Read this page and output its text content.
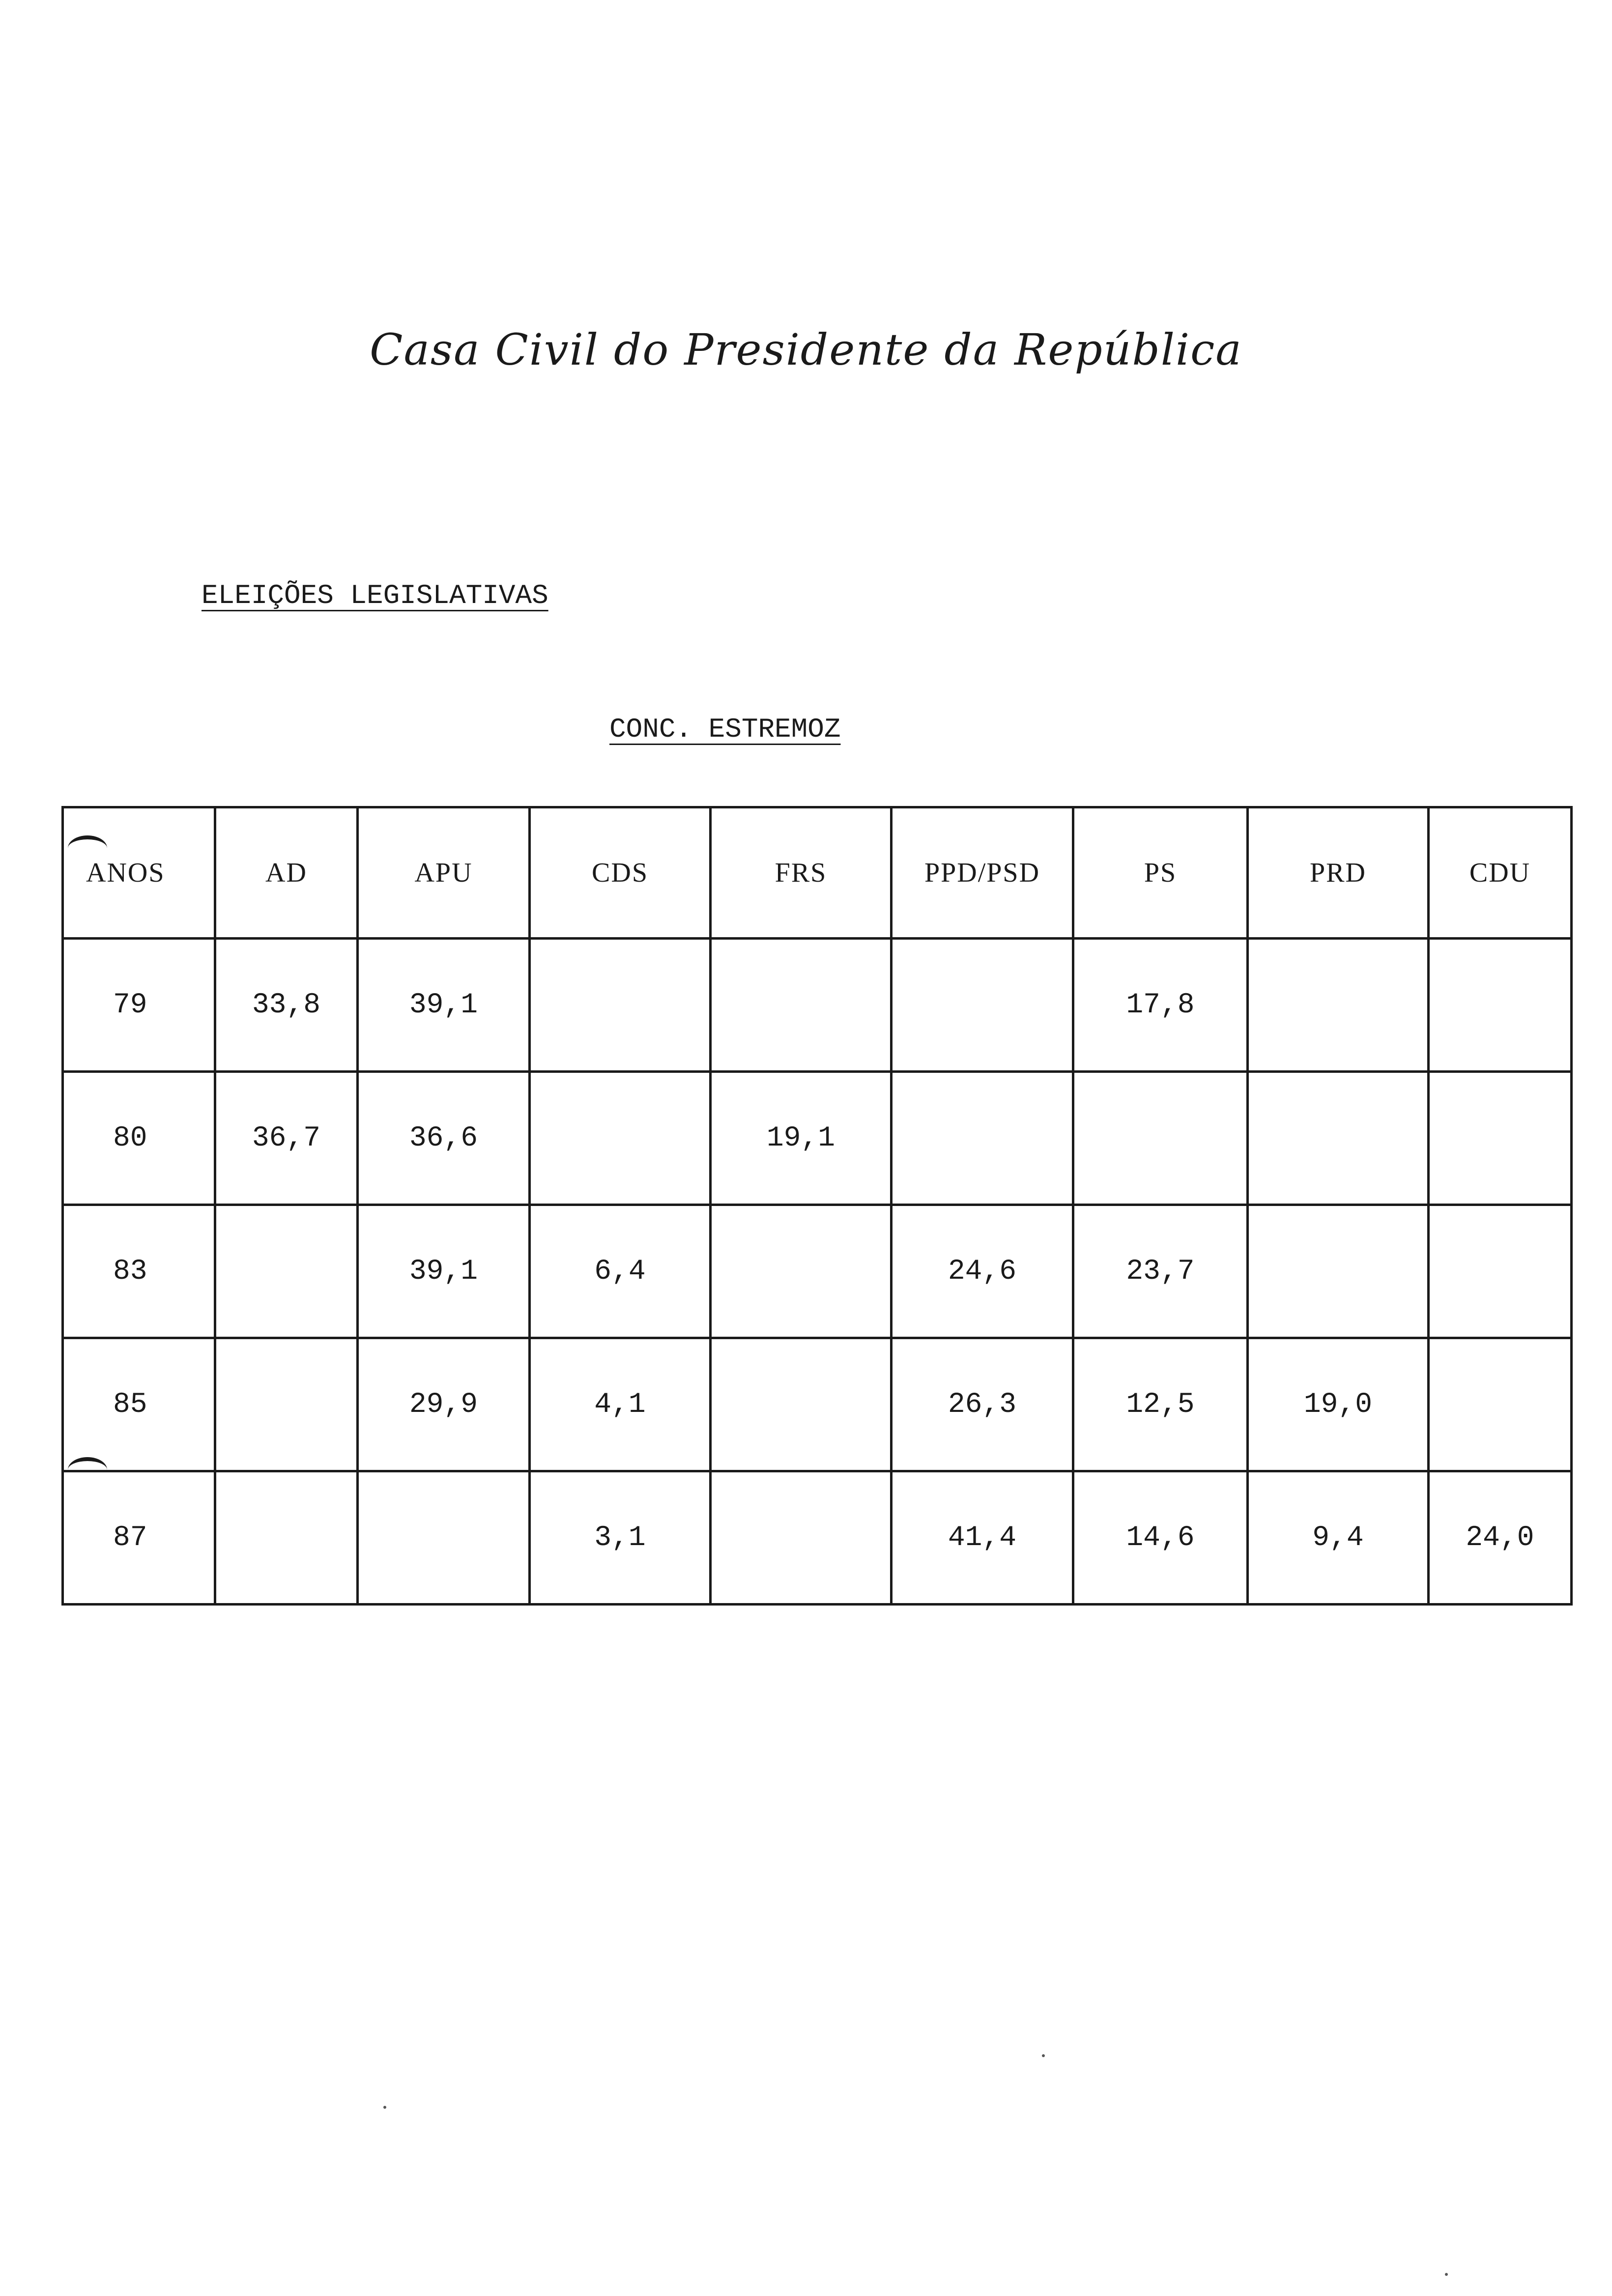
Casa Civil do Presidente da República
ELEIÇÕES LEGISLATIVAS
CONC. ESTREMOZ
ANOS	AD	APU	CDS	FRS	PPD/PSD	PS	PRD	CDU
79	33,8	39,1				17,8		
80	36,7	36,6		19,1				
83		39,1	6,4		24,6	23,7		
85		29,9	4,1		26,3	12,5	19,0	
87			3,1		41,4	14,6	9,4	24,0
